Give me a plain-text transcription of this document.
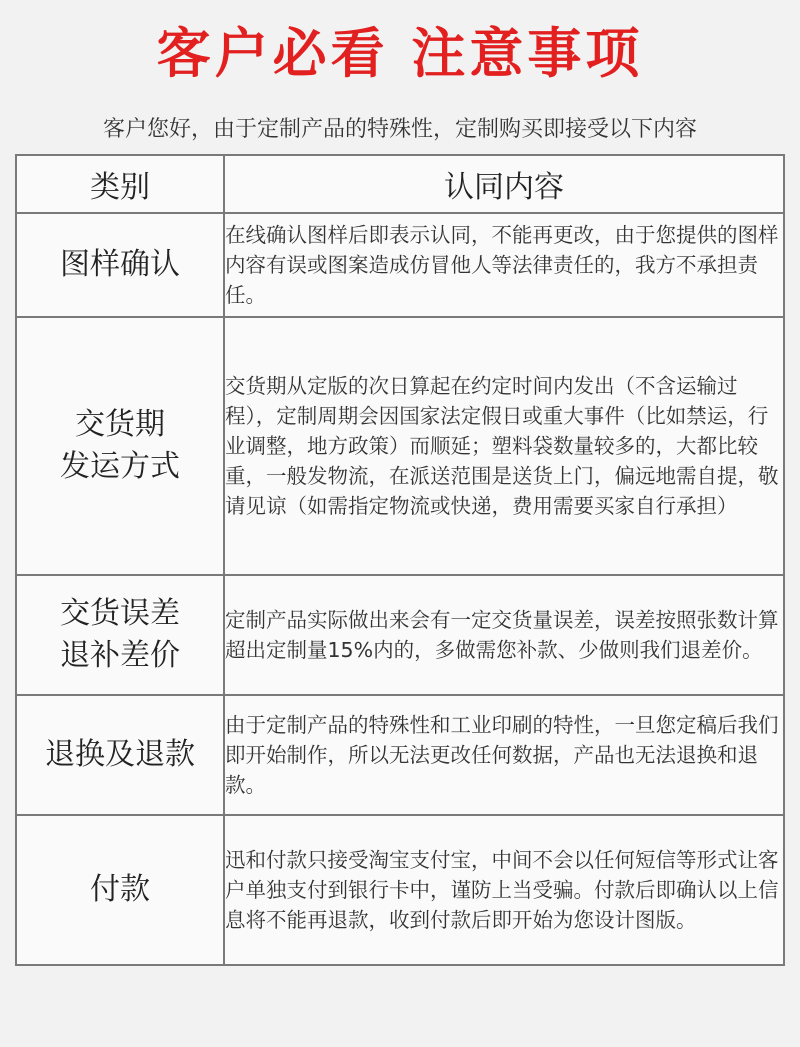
客户必看 注意事项
客户您好，由于定制产品的特殊性，定制购买即接受以下内容
类别	认同内容

图样确认	在线确认图样后即表示认同，不能再更改，由于您提供的图样内容有误或图案造成仿冒他人等法律责任的，我方不承担责任。

交货期
发运方式	交货期从定版的次日算起在约定时间内发出（不含运输过程），定制周期会因国家法定假日或重大事件（比如禁运，行业调整，地方政策）而顺延；塑料袋数量较多的，大都比较重，一般发物流，在派送范围是送货上门，偏远地需自提，敬请见谅（如需指定物流或快递，费用需要买家自行承担）

交货误差
退补差价	定制产品实际做出来会有一定交货量误差，误差按照张数计算超出定制量15%内的，多做需您补款、少做则我们退差价。

退换及退款	由于定制产品的特殊性和工业印刷的特性，一旦您定稿后我们即开始制作，所以无法更改任何数据，产品也无法退换和退款。

付款	迅和付款只接受淘宝支付宝，中间不会以任何短信等形式让客户单独支付到银行卡中，谨防上当受骗。付款后即确认以上信息将不能再退款，收到付款后即开始为您设计图版。
